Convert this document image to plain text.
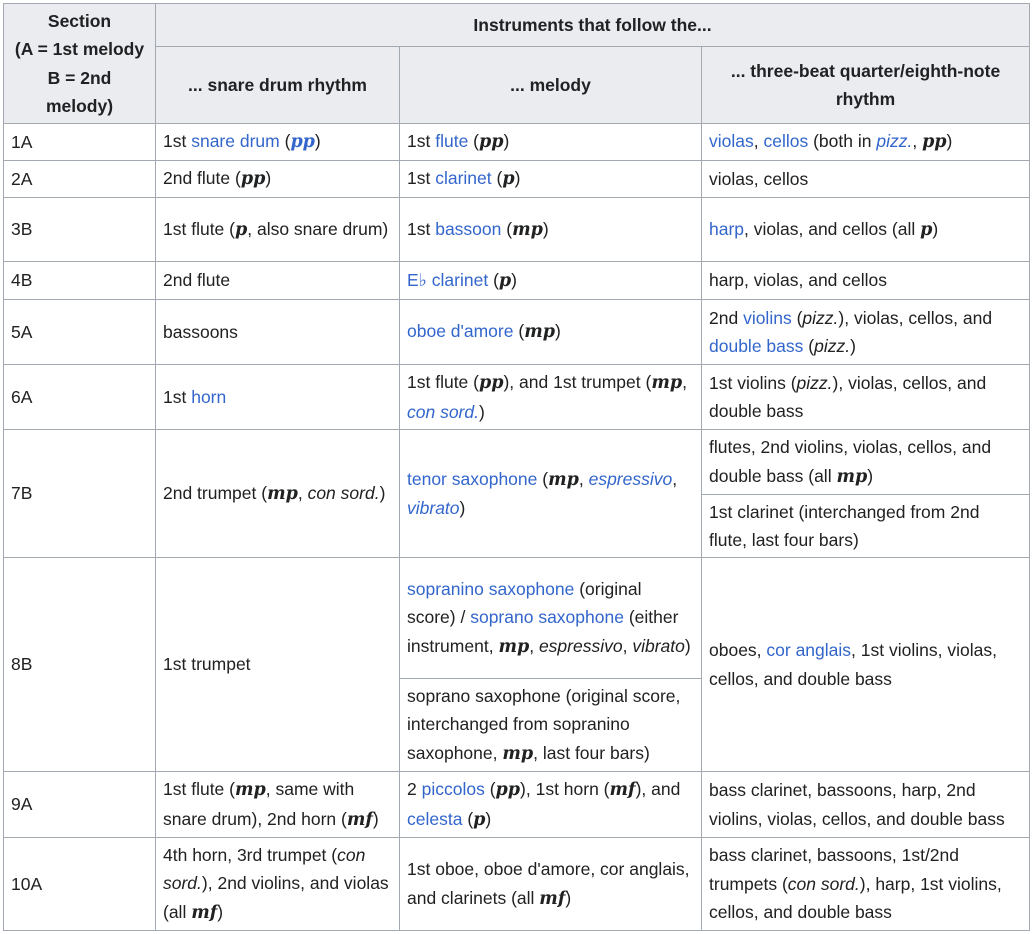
Section
(A = 1st melody
B = 2nd
melody)	Instruments that follow the...		
	... snare drum rhythm	... melody	... three-beat quarter/eighth-note rhythm
1A	1st snare drum (pp)	1st flute (pp)	violas, cellos (both in pizz., pp)
2A	2nd flute (pp)	1st clarinet (p)	violas, cellos
3B	1st flute (p, also snare drum)	1st bassoon (mp)	harp, violas, and cellos (all p)
4B	2nd flute	E♭ clarinet (p)	harp, violas, and cellos
5A	bassoons	oboe d'amore (mp)	2nd violins (pizz.), violas, cellos, and double bass (pizz.)
6A	1st horn	1st flute (pp), and 1st trumpet (mp, con sord.)	1st violins (pizz.), violas, cellos, and double bass
7B	2nd trumpet (mp, con sord.)	tenor saxophone (mp, espressivo, vibrato)	flutes, 2nd violins, violas, cellos, and double bass (all mp)
			1st clarinet (interchanged from 2nd flute, last four bars)
8B	1st trumpet	sopranino saxophone (original score) / soprano saxophone (either instrument, mp, espressivo, vibrato)	oboes, cor anglais, 1st violins, violas, cellos, and double bass
		soprano saxophone (original score, interchanged from sopranino saxophone, mp, last four bars)	
9A	1st flute (mp, same with snare drum), 2nd horn (mf)	2 piccolos (pp), 1st horn (mf), and celesta (p)	bass clarinet, bassoons, harp, 2nd violins, violas, cellos, and double bass
10A	4th horn, 3rd trumpet (con sord.), 2nd violins, and violas (all mf)	1st oboe, oboe d'amore, cor anglais, and clarinets (all mf)	bass clarinet, bassoons, 1st/2nd trumpets (con sord.), harp, 1st violins, cellos, and double bass
